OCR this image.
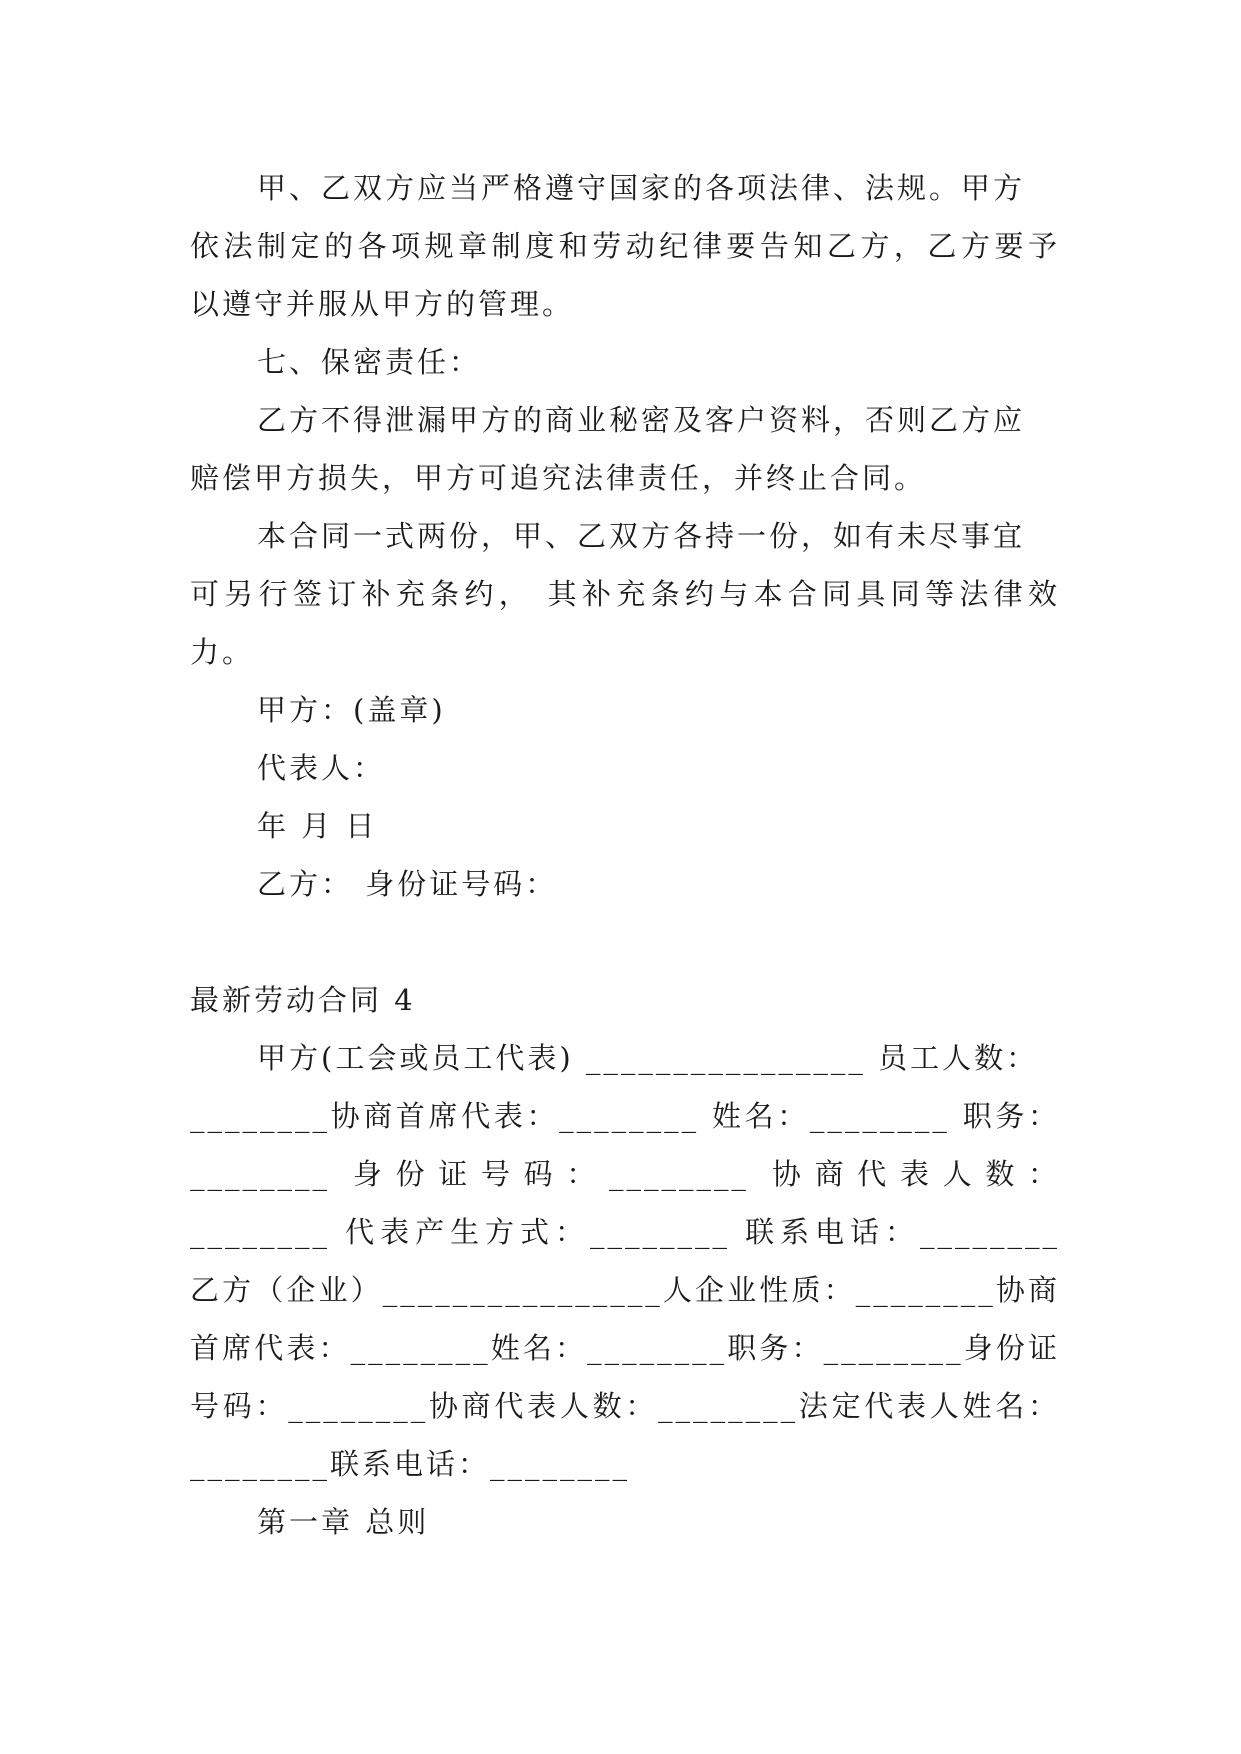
甲、乙双方应当严格遵守国家的各项法律、法规。甲方
依法制定的各项规章制度和劳动纪律要告知乙方，乙方要予
以遵守并服从甲方的管理。
七、保密责任：
乙方不得泄漏甲方的商业秘密及客户资料，否则乙方应
赔偿甲方损失，甲方可追究法律责任，并终止合同。
本合同一式两份，甲、乙双方各持一份，如有未尽事宜
可另行签订补充条约， 其补充条约与本合同具同等法律效
力。
甲方：(盖章)
代表人：
年 月 日
乙方： 身份证号码：
最新劳动合同 4
甲方(工会或员工代表) ________________ 员工人数：
________协商首席代表：________ 姓名：________ 职务：
________ 身份证号码：________ 协商代表人数：
________ 代表产生方式：________ 联系电话：________
乙方（企业）________________人企业性质：________协商
首席代表：________姓名：________职务：________身份证
号码：________协商代表人数：________法定代表人姓名：
________联系电话：________
第一章 总则
